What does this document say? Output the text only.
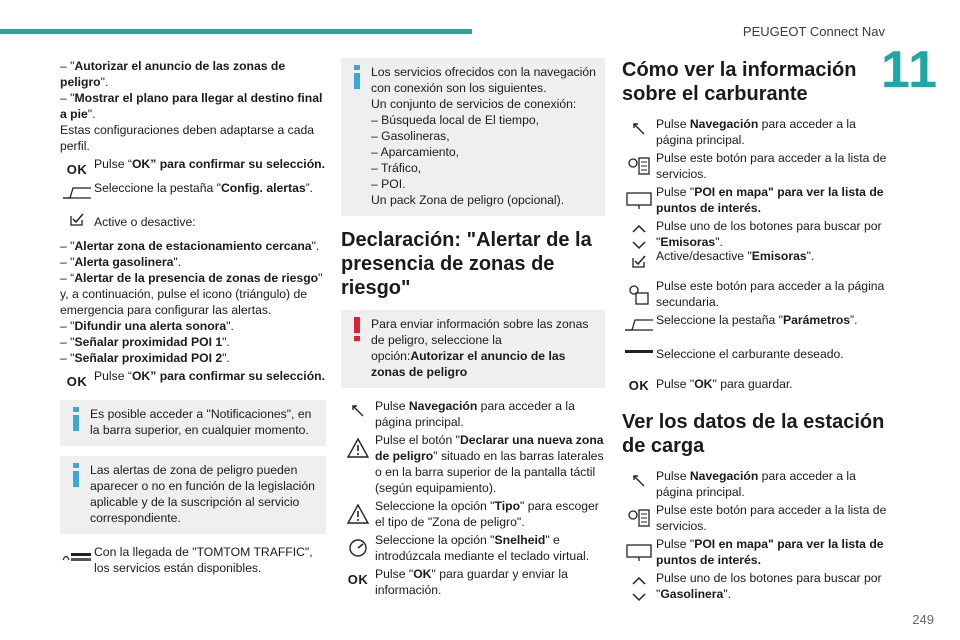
PEUGEOT Connect Nav
11
249
– "Autorizar el anuncio de las zonas de peligro".
– "Mostrar el plano para llegar al destino final a pie".
Estas configuraciones deben adaptarse a cada perfil.
OK Pulse “OK” para confirmar su selección.
Seleccione la pestaña "Config. alertas”.
Active o desactive:
– "Alertar zona de estacionamiento cercana".
– "Alerta gasolinera".
– “Alertar de la presencia de zonas de riesgo" y, a continuación, pulse el icono (triángulo) de emergencia para configurar las alertas.
– "Difundir una alerta sonora".
– "Señalar proximidad POI 1".
– "Señalar proximidad POI 2".
OK Pulse “OK” para confirmar su selección.
Es posible acceder a "Notificaciones", en la barra superior, en cualquier momento.
Las alertas de zona de peligro pueden aparecer o no en función de la legislación aplicable y de la suscripción al servicio correspondiente.
Con la llegada de "TOMTOM TRAFFIC", los servicios están disponibles.
Los servicios ofrecidos con la navegación con conexión son los siguientes.
Un conjunto de servicios de conexión:
– Búsqueda local de El tiempo,
– Gasolineras,
– Aparcamiento,
– Tráfico,
– POI.
Un pack Zona de peligro (opcional).
Declaración: "Alertar de la presencia de zonas de riesgo"
Para enviar información sobre las zonas de peligro, seleccione la opción:Autorizar el anuncio de las zonas de peligro
Pulse Navegación para acceder a la página principal.
Pulse el botón "Declarar una nueva zona de peligro" situado en las barras laterales o en la barra superior de la pantalla táctil (según equipamiento).
Seleccione la opción "Tipo" para escoger el tipo de "Zona de peligro".
Seleccione la opción "Snelheid" e introdúzcala mediante el teclado virtual.
OK Pulse "OK" para guardar y enviar la información.
Cómo ver la información sobre el carburante
Pulse Navegación para acceder a la página principal.
Pulse este botón para acceder a la lista de servicios.
Pulse "POI en mapa" para ver la lista de puntos de interés.
Pulse uno de los botones para buscar por "Emisoras".
Active/desactive "Emisoras".
Pulse este botón para acceder a la página secundaria.
Seleccione la pestaña "Parámetros”.
Seleccione el carburante deseado.
OK Pulse "OK" para guardar.
Ver los datos de la estación de carga
Pulse Navegación para acceder a la página principal.
Pulse este botón para acceder a la lista de servicios.
Pulse "POI en mapa" para ver la lista de puntos de interés.
Pulse uno de los botones para buscar por "Gasolinera".
